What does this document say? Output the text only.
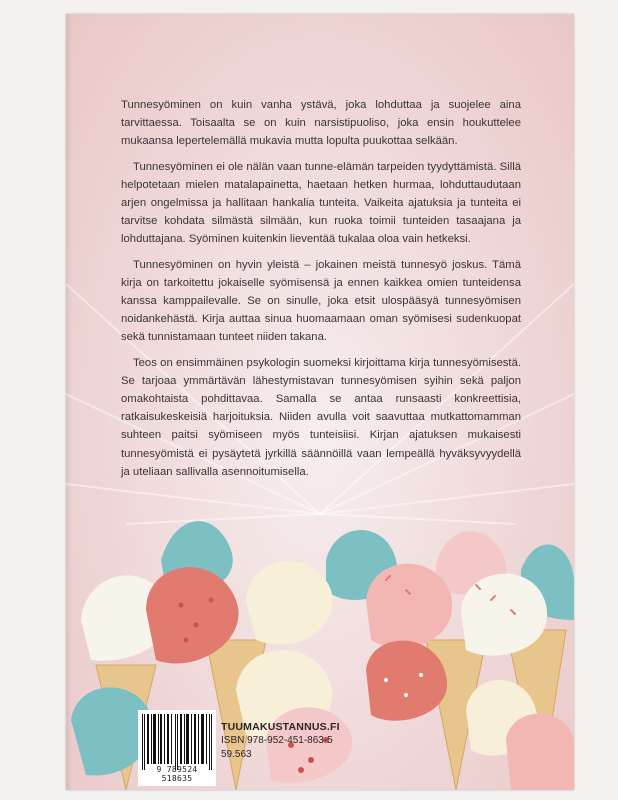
Tunnesyöminen on kuin vanha ystävä, joka lohduttaa ja suojelee aina tarvittaessa. Toisaalta se on kuin narsistipuoliso, joka ensin houkuttelee mukaansa lepertelemällä mukavia mutta lopulta puukottaa selkään.

Tunnesyöminen ei ole nälän vaan tunne-elämän tarpeiden tyydyttämistä. Sillä helpotetaan mielen matalapainetta, haetaan hetken hurmaa, lohduttaudutaan arjen ongelmissa ja hallitaan hankalia tunteita. Vaikeita ajatuksia ja tunteita ei tarvitse kohdata silmästä silmään, kun ruoka toimii tunteiden tasaajana ja lohduttajana. Syöminen kuitenkin lieventää tukalaa oloa vain hetkeksi.

Tunnesyöminen on hyvin yleistä – jokainen meistä tunnesyö joskus. Tämä kirja on tarkoitettu jokaiselle syömisensä ja ennen kaikkea omien tunteidensa kanssa kamppailevalle. Se on sinulle, joka etsit ulospääsyä tunnesyömisen noidankehästä. Kirja auttaa sinua huomaamaan oman syömisesi sudenkuopat sekä tunnistamaan tunteet niiden takana.

Teos on ensimmäinen psykologin suomeksi kirjoittama kirja tunnesyömisestä. Se tarjoaa ymmärtävän lähestymistavan tunnesyömisen syihin sekä paljon omakohtaista pohdittavaa. Samalla se antaa runsaasti konkreettisia, ratkaisukeskeisiä harjoituksia. Niiden avulla voit saavuttaa mutkattomamman suhteen paitsi syömiseen myös tunteisiisi. Kirjan ajatuksen mukaisesti tunnesyömistä ei pysäytetä jyrkillä säännöillä vaan lempeällä hyväksyvyydellä ja uteliaan sallivalla asennoitumisella.

9 789524 518635
TUUMAKUSTANNUS.FI
ISBN 978-952-451-863-5
59.563
